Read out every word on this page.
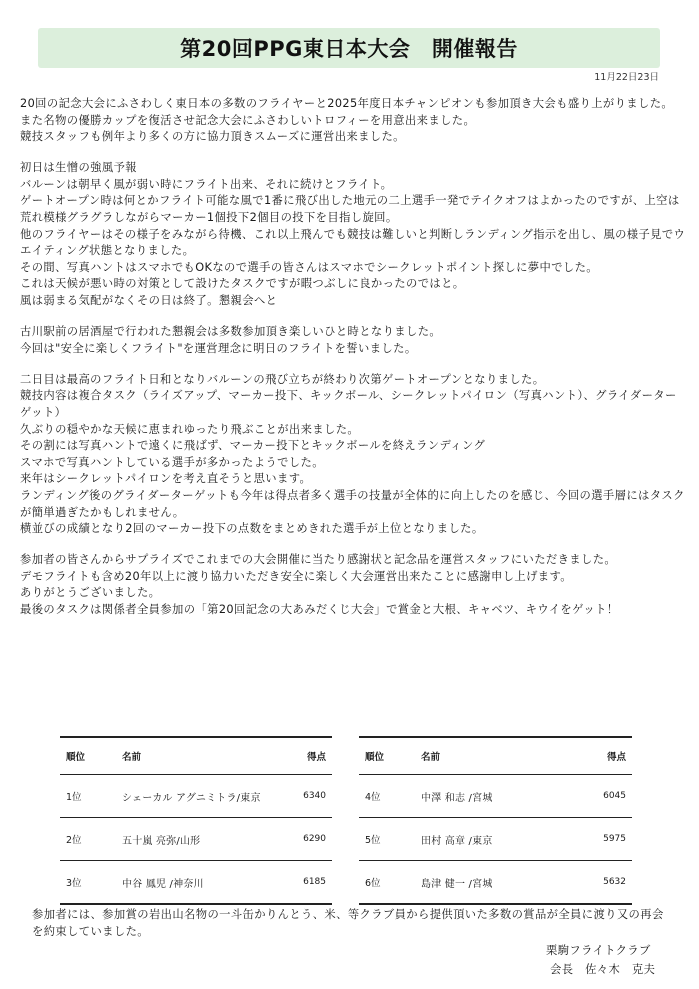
第20回PPG東日本大会　開催報告
11月22日23日

20回の記念大会にふさわしく東日本の多数のフライヤーと2025年度日本チャンピオンも参加頂き大会も盛り上がりました。
また名物の優勝カップを復活させ記念大会にふさわしいトロフィーを用意出来ました。
競技スタッフも例年より多くの方に協力頂きスムーズに運営出来ました。

初日は生憎の強風予報
バルーンは朝早く風が弱い時にフライト出来、それに続けとフライト。
ゲートオープン時は何とかフライト可能な風で1番に飛び出した地元の二上選手一発でテイクオフはよかったのですが、上空は荒れ模様グラグラしながらマーカー1個投下2個目の投下を目指し旋回。
他のフライヤーはその様子をみながら待機、これ以上飛んでも競技は難しいと判断しランディング指示を出し、風の様子見でウエイティング状態となりました。
その間、写真ハントはスマホでもOKなので選手の皆さんはスマホでシークレットポイント探しに夢中でした。
これは天候が悪い時の対策として設けたタスクですが暇つぶしに良かったのではと。
風は弱まる気配がなくその日は終了。懇親会へと

古川駅前の居酒屋で行われた懇親会は多数参加頂き楽しいひと時となりました。
今回は"安全に楽しくフライト"を運営理念に明日のフライトを誓いました。

二日目は最高のフライト日和となりバルーンの飛び立ちが終わり次第ゲートオープンとなりました。
競技内容は複合タスク（ライズアップ、マーカー投下、キックボール、シークレットパイロン（写真ハント）、グライダーターゲット）
久ぶりの穏やかな天候に恵まれゆったり飛ぶことが出来ました。
その割には写真ハントで遠くに飛ばず、マーカー投下とキックボールを終えランディング
スマホで写真ハントしている選手が多かったようでした。
来年はシークレットパイロンを考え直そうと思います。
ランディング後のグライダーターゲットも今年は得点者多く選手の技量が全体的に向上したのを感じ、今回の選手層にはタスクが簡単過ぎたかもしれません。
横並びの成績となり2回のマーカー投下の点数をまとめきれた選手が上位となりました。

参加者の皆さんからサプライズでこれまでの大会開催に当たり感謝状と記念品を運営スタッフにいただきました。
デモフライトも含め20年以上に渡り協力いただき安全に楽しく大会運営出来たことに感謝申し上げます。
ありがとうございました。
最後のタスクは関係者全員参加の「第20回記念の大あみだくじ大会」で賞金と大根、キャベツ、キウイをゲット！

順位	名前	得点
1位	シェーカル アグニミトラ/東京	6340
2位	五十嵐 亮弥/山形	6290
3位	中谷 鳳児 /神奈川	6185
順位	名前	得点
4位	中澤 和志 /宮城	6045
5位	田村 高章 /東京	5975
6位	島津 健一 /宮城	5632
参加者には、参加賞の岩出山名物の一斗缶かりんとう、米、等クラブ員から提供頂いた多数の賞品が全員に渡り又の再会を約束していました。
栗駒フライトクラブ
会長　佐々木　克夫
